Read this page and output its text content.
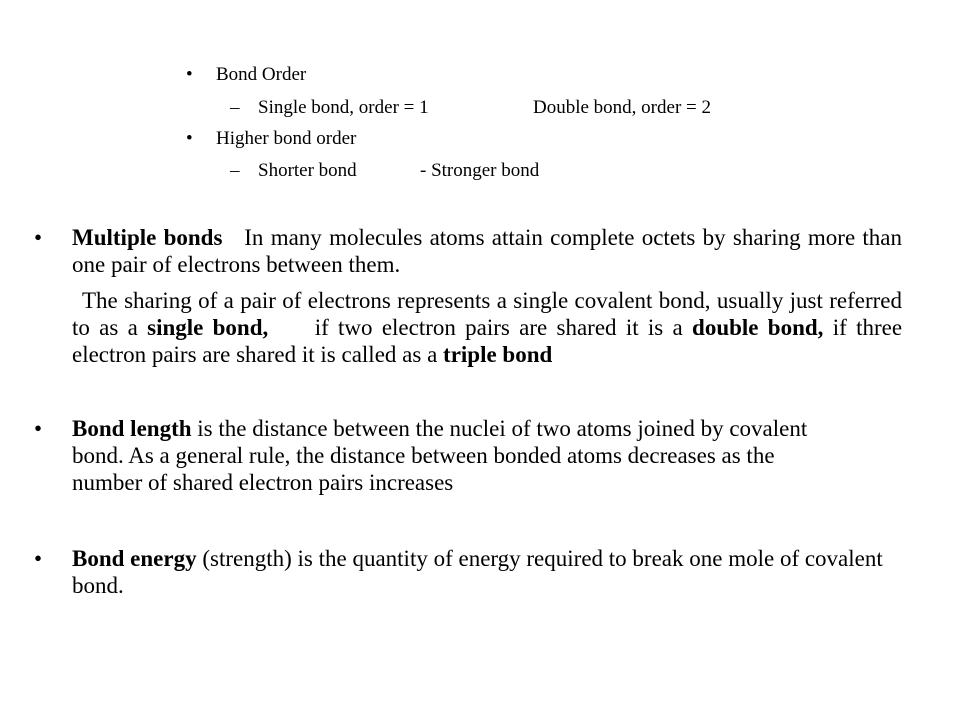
• Bond Order
– Single bond, order = 1	Double bond, order = 2
• Higher bond order
– Shorter bond	- Stronger bond
• Multiple bonds In many molecules atoms attain complete octets by sharing more than one pair of electrons between them.
The sharing of a pair of electrons represents a single covalent bond, usually just referred to as a single bond, if two electron pairs are shared it is a double bond, if three electron pairs are shared it is called as a triple bond
• Bond length is the distance between the nuclei of two atoms joined by covalent bond. As a general rule, the distance between bonded atoms decreases as the number of shared electron pairs increases
• Bond energy (strength) is the quantity of energy required to break one mole of covalent bond.
